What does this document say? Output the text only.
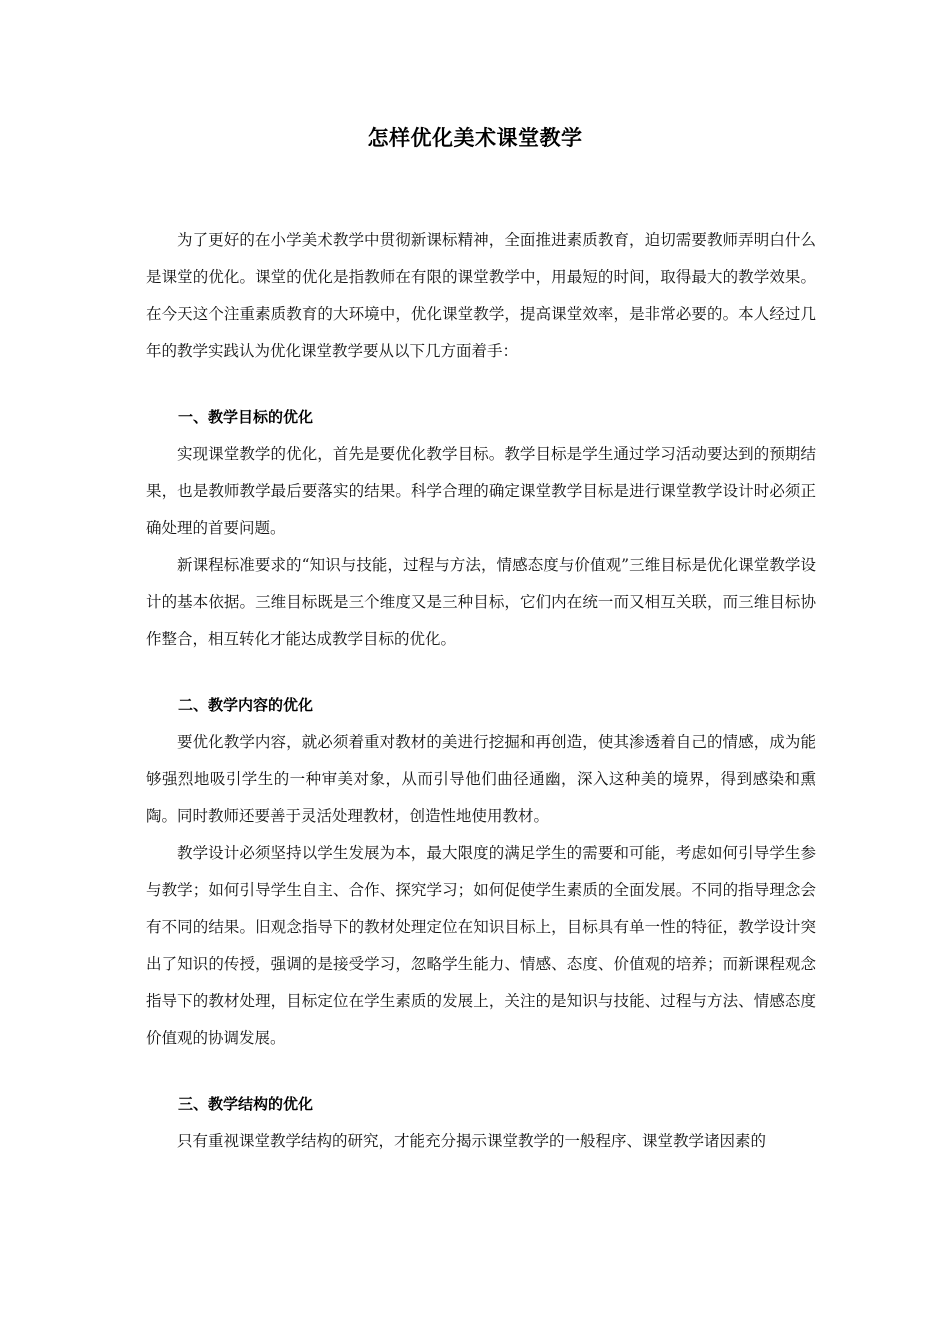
怎样优化美术课堂教学

为了更好的在小学美术教学中贯彻新课标精神，全面推进素质教育，迫切需要教师弄明白什么是课堂的优化。课堂的优化是指教师在有限的课堂教学中，用最短的时间，取得最大的教学效果。在今天这个注重素质教育的大环境中，优化课堂教学，提高课堂效率，是非常必要的。本人经过几年的教学实践认为优化课堂教学要从以下几方面着手：

一、教学目标的优化

实现课堂教学的优化，首先是要优化教学目标。教学目标是学生通过学习活动要达到的预期结果，也是教师教学最后要落实的结果。科学合理的确定课堂教学目标是进行课堂教学设计时必须正确处理的首要问题。

新课程标准要求的“知识与技能，过程与方法，情感态度与价值观”三维目标是优化课堂教学设计的基本依据。三维目标既是三个维度又是三种目标，它们内在统一而又相互关联，而三维目标协作整合，相互转化才能达成教学目标的优化。

二、教学内容的优化

要优化教学内容，就必须着重对教材的美进行挖掘和再创造，使其渗透着自己的情感，成为能够强烈地吸引学生的一种审美对象，从而引导他们曲径通幽，深入这种美的境界，得到感染和熏陶。同时教师还要善于灵活处理教材，创造性地使用教材。

教学设计必须坚持以学生发展为本，最大限度的满足学生的需要和可能，考虑如何引导学生参与教学；如何引导学生自主、合作、探究学习；如何促使学生素质的全面发展。不同的指导理念会有不同的结果。旧观念指导下的教材处理定位在知识目标上，目标具有单一性的特征，教学设计突出了知识的传授，强调的是接受学习，忽略学生能力、情感、态度、价值观的培养；而新课程观念指导下的教材处理，目标定位在学生素质的发展上，关注的是知识与技能、过程与方法、情感态度价值观的协调发展。

三、教学结构的优化

只有重视课堂教学结构的研究，才能充分揭示课堂教学的一般程序、课堂教学诸因素的
